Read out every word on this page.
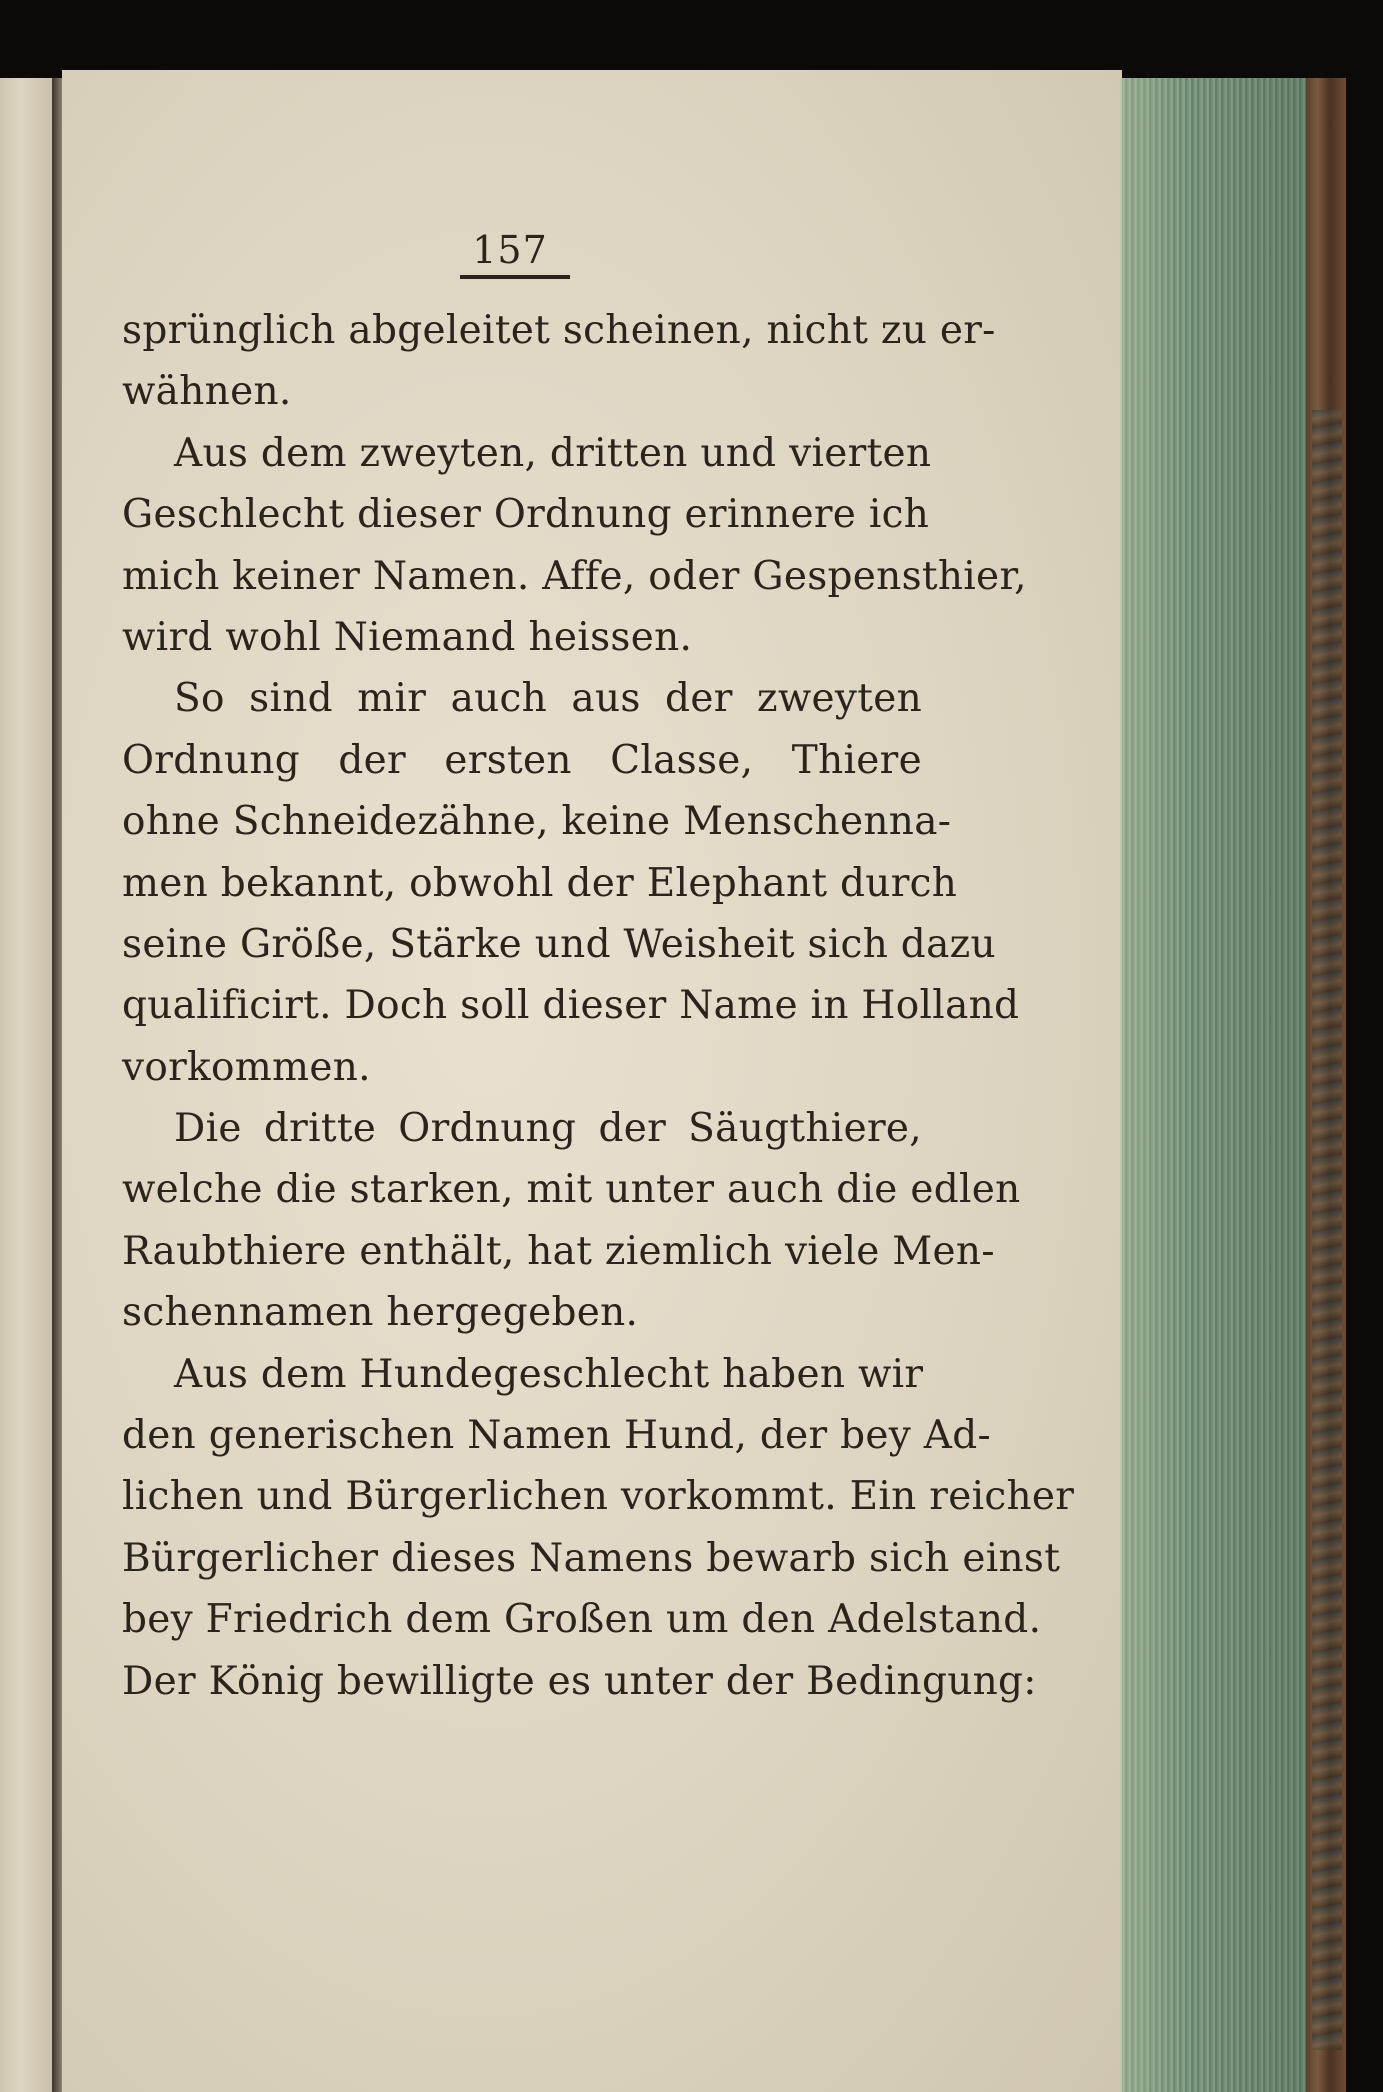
157
sprünglich abgeleitet scheinen, nicht zu er-
wähnen.
Aus dem zweyten, dritten und vierten
Geschlecht dieser Ordnung erinnere ich
mich keiner Namen. Affe, oder Gespensthier,
wird wohl Niemand heissen.
So sind mir auch aus der zweyten
Ordnung der ersten Classe, Thiere
ohne Schneidezähne, keine Menschenna-
men bekannt, obwohl der Elephant durch
seine Größe, Stärke und Weisheit sich dazu
qualificirt. Doch soll dieser Name in Holland
vorkommen.
Die dritte Ordnung der Säugthiere,
welche die starken, mit unter auch die edlen
Raubthiere enthält, hat ziemlich viele Men-
schennamen hergegeben.
Aus dem Hundegeschlecht haben wir
den generischen Namen Hund, der bey Ad-
lichen und Bürgerlichen vorkommt. Ein reicher
Bürgerlicher dieses Namens bewarb sich einst
bey Friedrich dem Großen um den Adelstand.
Der König bewilligte es unter der Bedingung:
